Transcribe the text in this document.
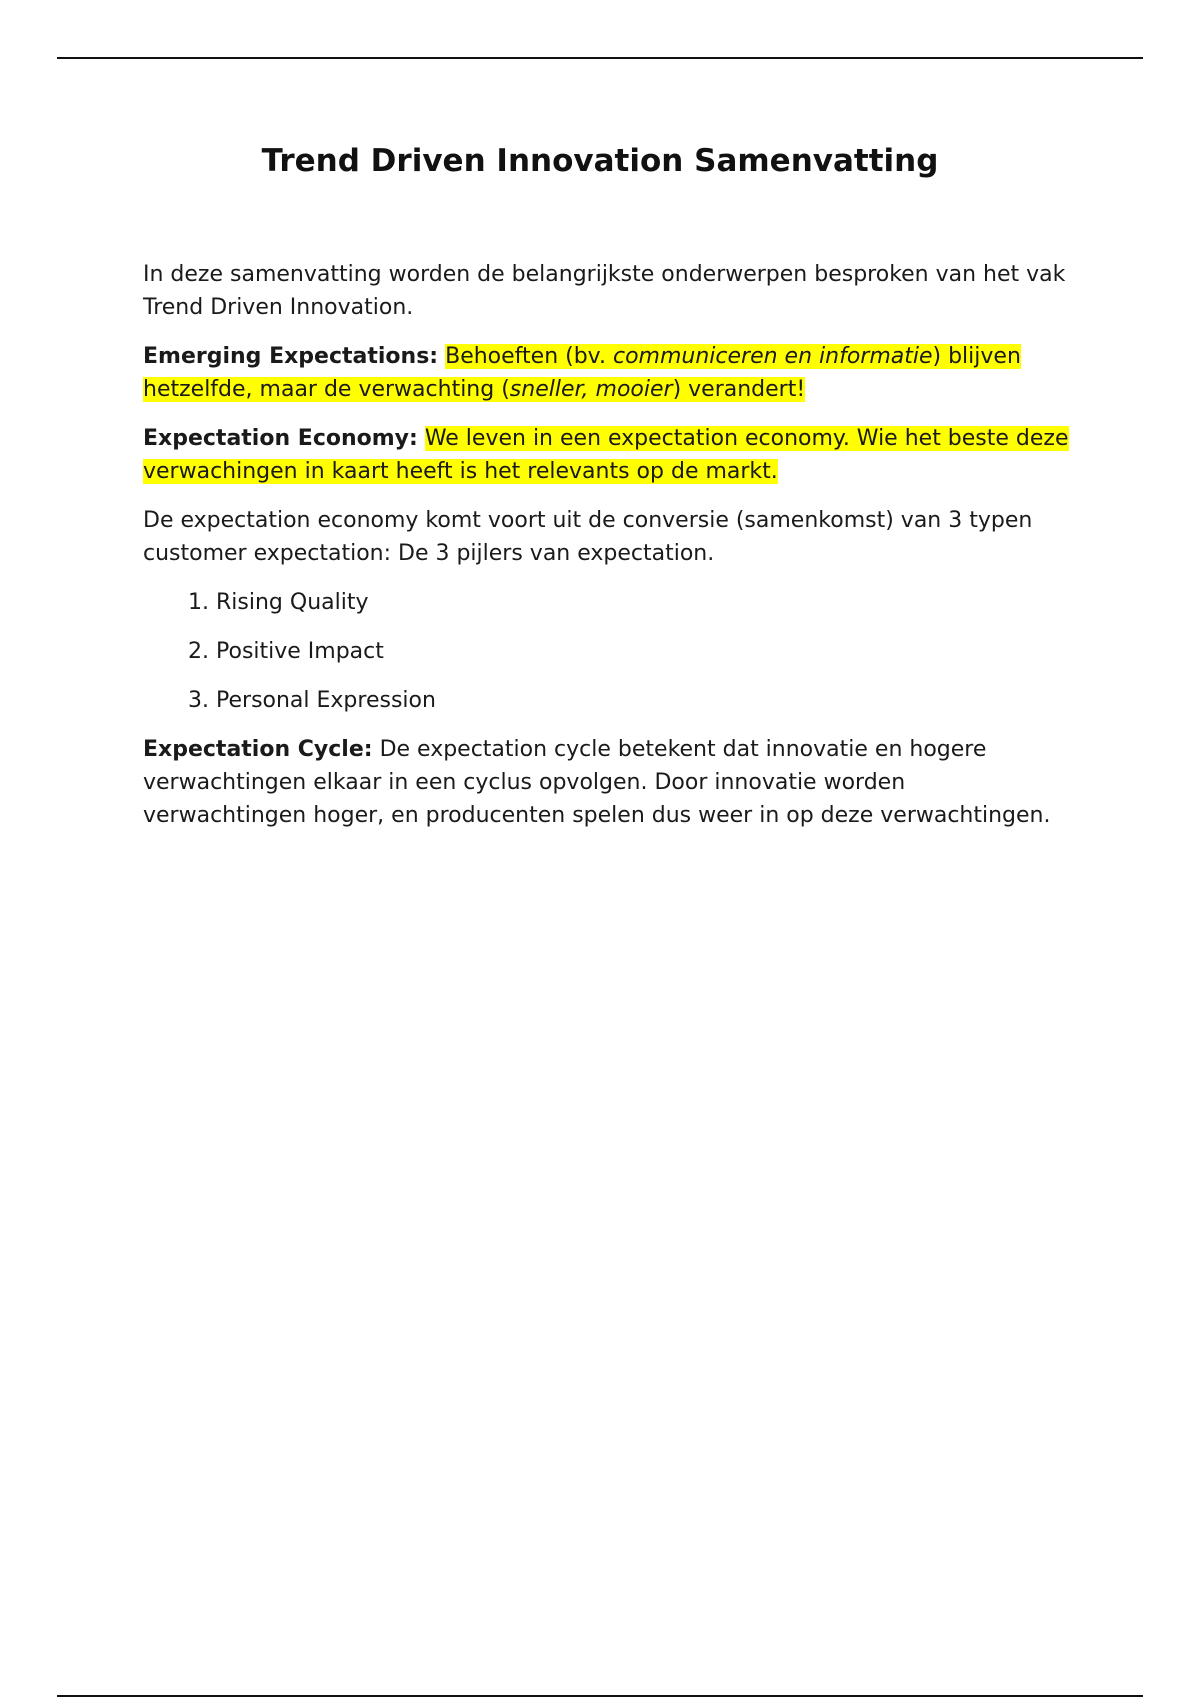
Trend Driven Innovation Samenvatting

In deze samenvatting worden de belangrijkste onderwerpen besproken van het vak Trend Driven Innovation.

Emerging Expectations: Behoeften (bv. communiceren en informatie) blijven hetzelfde, maar de verwachting (sneller, mooier) verandert!

Expectation Economy: We leven in een expectation economy. Wie het beste deze verwachingen in kaart heeft is het relevants op de markt.

De expectation economy komt voort uit de conversie (samenkomst) van 3 typen customer expectation: De 3 pijlers van expectation.

1. Rising Quality
2. Positive Impact
3. Personal Expression

Expectation Cycle: De expectation cycle betekent dat innovatie en hogere verwachtingen elkaar in een cyclus opvolgen. Door innovatie worden verwachtingen hoger, en producenten spelen dus weer in op deze verwachtingen.
